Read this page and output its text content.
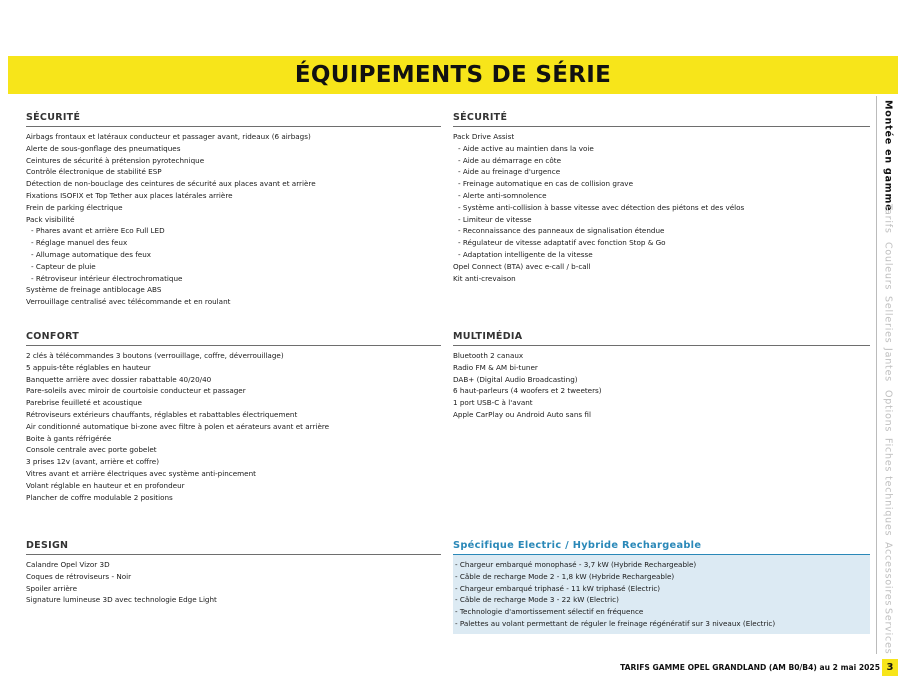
ÉQUIPEMENTS DE SÉRIE
SÉCURITÉ
Airbags frontaux et latéraux conducteur et passager avant, rideaux (6 airbags)
Alerte de sous-gonflage des pneumatiques
Ceintures de sécurité à prétension pyrotechnique
Contrôle électronique de stabilité ESP
Détection de non-bouclage des ceintures de sécurité aux places avant et arrière
Fixations ISOFIX et Top Tether aux places latérales arrière
Frein de parking électrique
Pack visibilité
- Phares avant et arrière Eco Full LED
- Réglage manuel des feux
- Allumage automatique des feux
- Capteur de pluie
- Rétroviseur intérieur électrochromatique
Système de freinage antiblocage ABS
Verrouillage centralisé avec télécommande et en roulant
SÉCURITÉ
Pack Drive Assist
- Aide active au maintien dans la voie
- Aide au démarrage en côte
- Aide au freinage d'urgence
- Freinage automatique en cas de collision grave
- Alerte anti-somnolence
- Système anti-collision à basse vitesse avec détection des piétons et des vélos
- Limiteur de vitesse
- Reconnaissance des panneaux de signalisation étendue
- Régulateur de vitesse adaptatif avec fonction Stop & Go
- Adaptation intelligente de la vitesse
Opel Connect (BTA) avec e-call / b-call
Kit anti-crevaison
CONFORT
2 clés à télécommandes 3 boutons (verrouillage, coffre, déverrouillage)
5 appuis-tête réglables en hauteur
Banquette arrière avec dossier rabattable 40/20/40
Pare-soleils avec miroir de courtoisie conducteur et passager
Parebrise feuilleté et acoustique
Rétroviseurs extérieurs chauffants, réglables et rabattables électriquement
Air conditionné automatique bi-zone avec filtre à polen et aérateurs avant et arrière
Boite à gants réfrigérée
Console centrale avec porte gobelet
3 prises 12v (avant, arrière et coffre)
Vitres avant et arrière électriques avec système anti-pincement
Volant réglable en hauteur et en profondeur
Plancher de coffre modulable 2 positions
MULTIMÉDIA
Bluetooth 2 canaux
Radio FM & AM bi-tuner
DAB+ (Digital Audio Broadcasting)
6 haut-parleurs (4 woofers et 2 tweeters)
1 port USB-C à l'avant
Apple CarPlay ou Android Auto sans fil
DESIGN
Calandre Opel Vizor 3D
Coques de rétroviseurs - Noir
Spoiler arrière
Signature lumineuse 3D avec technologie Edge Light
Spécifique Electric / Hybride Rechargeable
- Chargeur embarqué monophasé - 3,7 kW (Hybride Rechargeable)
- Câble de recharge Mode 2 - 1,8 kW (Hybride Rechargeable)
- Chargeur embarqué triphasé - 11 kW triphasé (Electric)
- Câble de recharge Mode 3 - 22 kW (Electric)
- Technologie d'amortissement sélectif en fréquence
- Palettes au volant permettant de réguler le freinage régénératif sur 3 niveaux (Electric)
Montée en gamme
Tarifs
Couleurs
Selleries
Jantes
Options
Fiches techniques
Accessoires
Services
TARIFS GAMME OPEL GRANDLAND (AM B0/B4) au 2 mai 2025 3
